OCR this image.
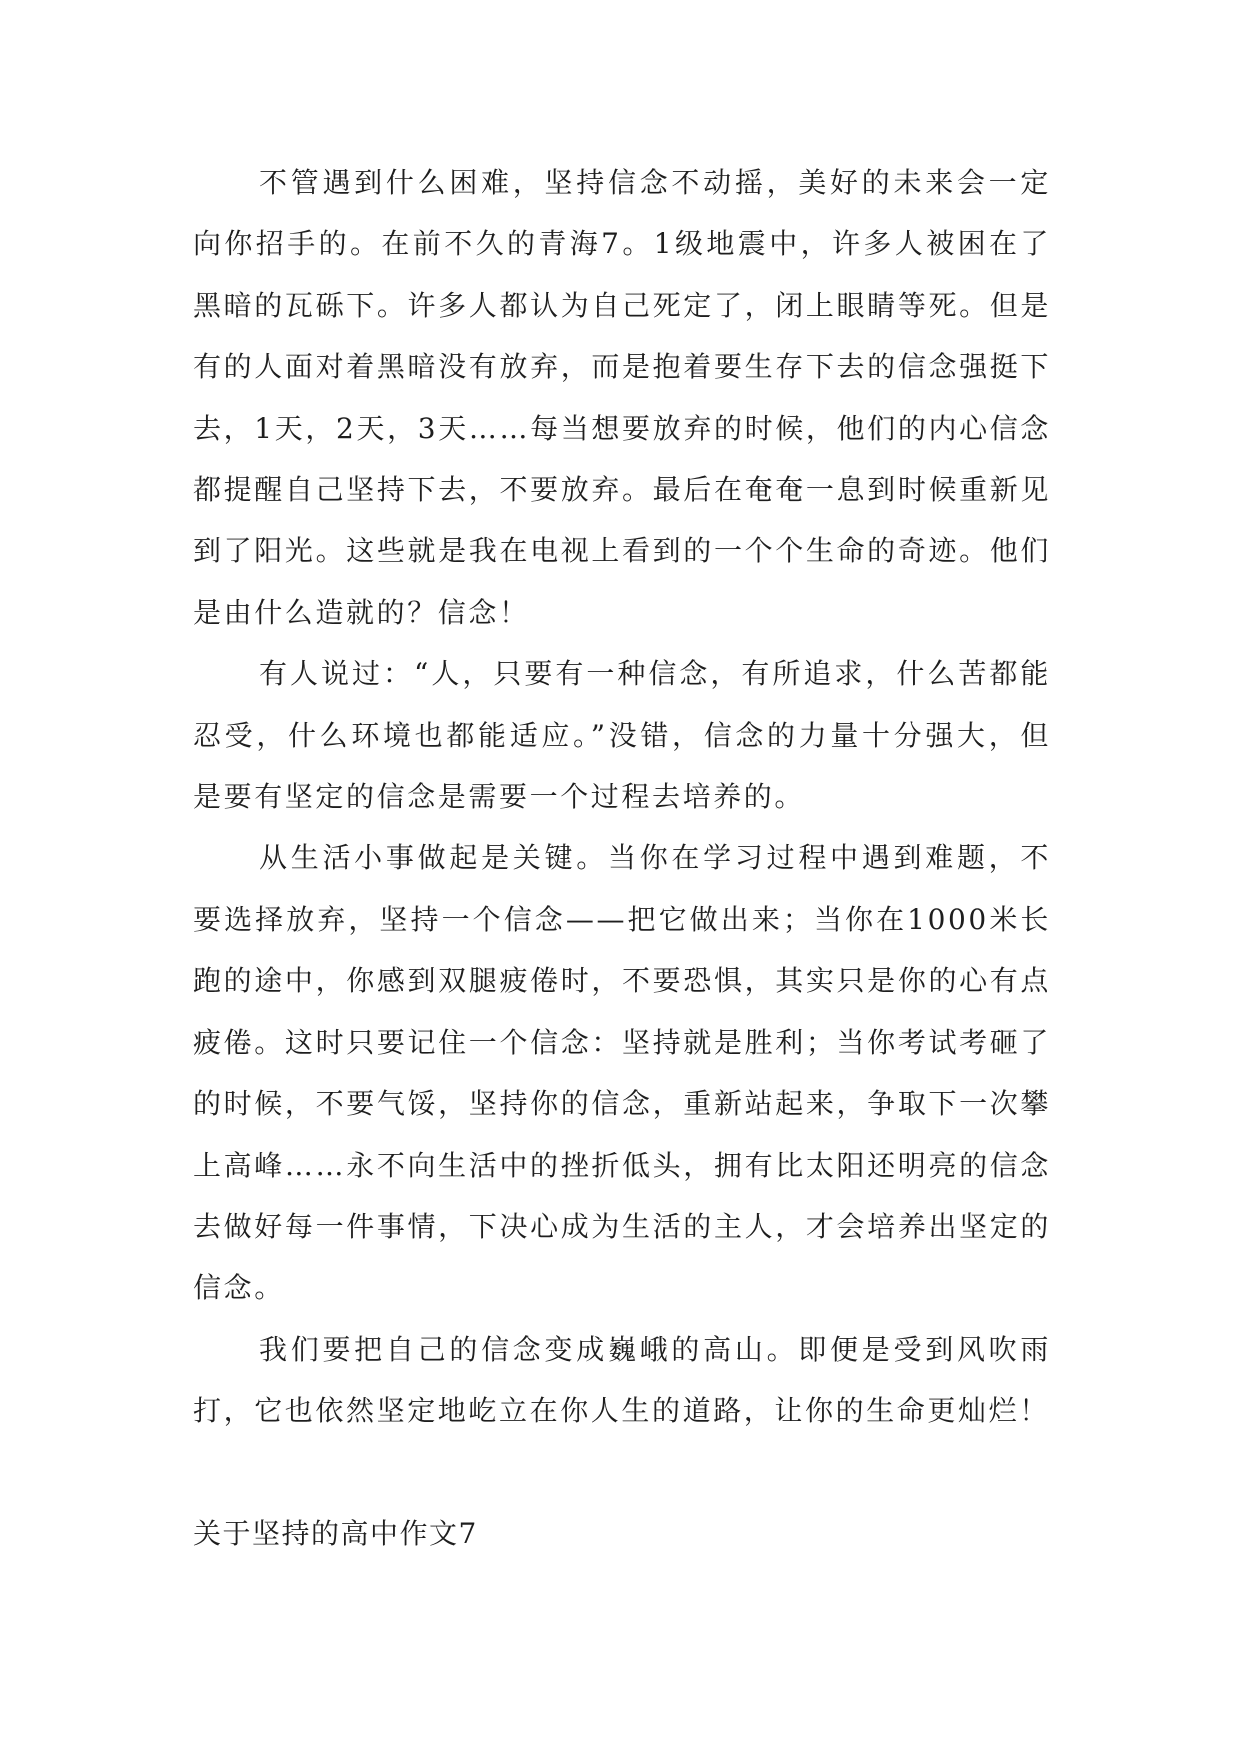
不管遇到什么困难，坚持信念不动摇，美好的未来会一定向你招手的。在前不久的青海7。1级地震中，许多人被困在了黑暗的瓦砾下。许多人都认为自己死定了，闭上眼睛等死。但是有的人面对着黑暗没有放弃，而是抱着要生存下去的信念强挺下去，1天，2天，3天……每当想要放弃的时候，他们的内心信念都提醒自己坚持下去，不要放弃。最后在奄奄一息到时候重新见到了阳光。这些就是我在电视上看到的一个个生命的奇迹。他们是由什么造就的？信念！

有人说过：“人，只要有一种信念，有所追求，什么苦都能忍受，什么环境也都能适应。”没错，信念的力量十分强大，但是要有坚定的信念是需要一个过程去培养的。

从生活小事做起是关键。当你在学习过程中遇到难题，不要选择放弃，坚持一个信念——把它做出来；当你在1000米长跑的途中，你感到双腿疲倦时，不要恐惧，其实只是你的心有点疲倦。这时只要记住一个信念：坚持就是胜利；当你考试考砸了的时候，不要气馁，坚持你的信念，重新站起来，争取下一次攀上高峰……永不向生活中的挫折低头，拥有比太阳还明亮的信念去做好每一件事情，下决心成为生活的主人，才会培养出坚定的信念。

我们要把自己的信念变成巍峨的高山。即便是受到风吹雨打，它也依然坚定地屹立在你人生的道路，让你的生命更灿烂！

关于坚持的高中作文7
